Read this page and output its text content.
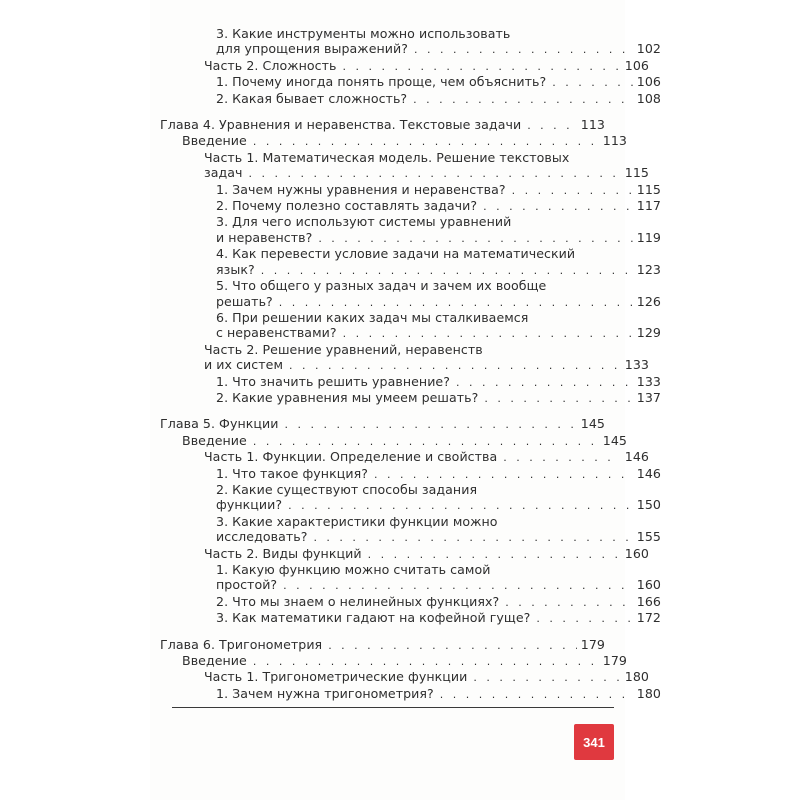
3. Какие инструменты можно использовать
для упрощения выражений? . . .	102
Часть 2. Сложность . . .	106
1. Почему иногда понять проще, чем объяснить? . . .	106
2. Какая бывает сложность? . . .	108
Глава 4. Уравнения и неравенства. Текстовые задачи . . .	113
Введение . . .	113
Часть 1. Математическая модель. Решение текстовых
задач . . .	115
1. Зачем нужны уравнения и неравенства? . . .	115
2. Почему полезно составлять задачи? . . .	117
3. Для чего используют системы уравнений
и неравенств? . . .	119
4. Как перевести условие задачи на математический
язык? . . .	123
5. Что общего у разных задач и зачем их вообще
решать? . . .	126
6. При решении каких задач мы сталкиваемся
с неравенствами? . . .	129
Часть 2. Решение уравнений, неравенств
и их систем . . .	133
1. Что значить решить уравнение? . . .	133
2. Какие уравнения мы умеем решать? . . .	137
Глава 5. Функции . . .	145
Введение . . .	145
Часть 1. Функции. Определение и свойства . . .	146
1. Что такое функция? . . .	146
2. Какие существуют способы задания
функции? . . .	150
3. Какие характеристики функции можно
исследовать? . . .	155
Часть 2. Виды функций . . .	160
1. Какую функцию можно считать самой
простой? . . .	160
2. Что мы знаем о нелинейных функциях? . . .	166
3. Как математики гадают на кофейной гуще? . . .	172
Глава 6. Тригонометрия . . .	179
Введение . . .	179
Часть 1. Тригонометрические функции . . .	180
1. Зачем нужна тригонометрия? . . .	180
341
